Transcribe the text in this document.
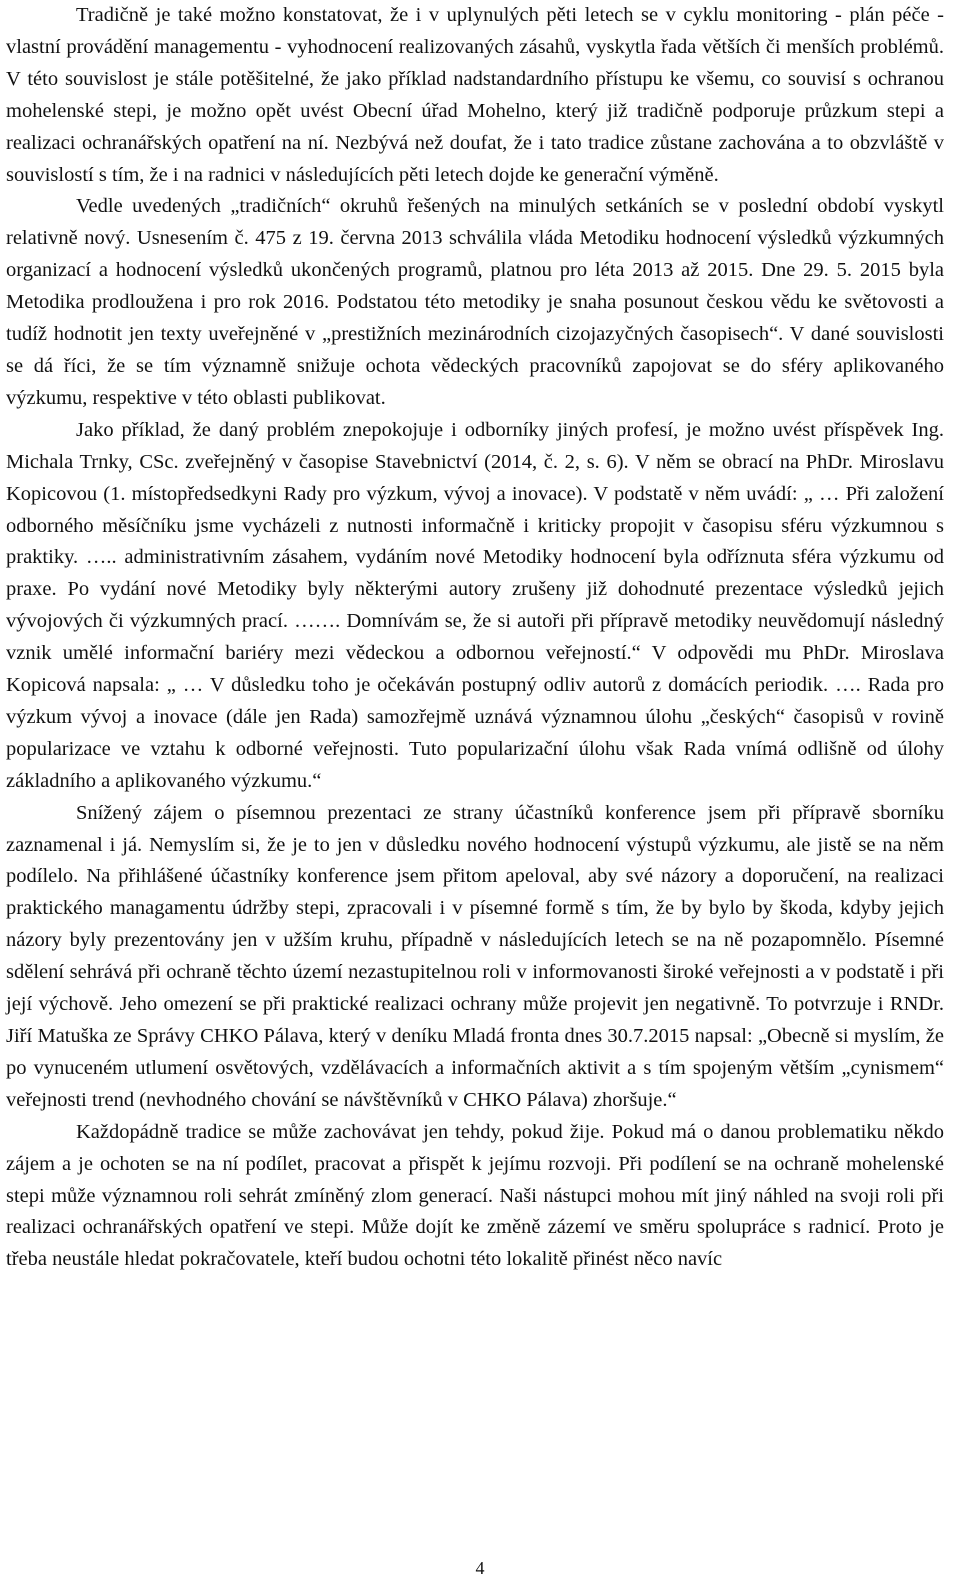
Tradičně je také možno konstatovat, že i v uplynulých pěti letech se v cyklu monitoring - plán péče - vlastní provádění managementu - vyhodnocení realizovaných zásahů, vyskytla řada větších či menších problémů. V této souvislost je stále potěšitelné, že jako příklad nadstandardního přístupu ke všemu, co souvisí s ochranou mohelenské stepi, je možno opět uvést Obecní úřad Mohelno, který již tradičně podporuje průzkum stepi a realizaci ochranářských opatření na ní. Nezbývá než doufat, že i tato tradice zůstane zachována a to obzvláště v souvislostí s tím, že i na radnici v následujících pěti letech dojde ke generační výměně.

Vedle uvedených „tradičních“ okruhů řešených na minulých setkáních se v poslední období vyskytl relativně nový. Usnesením č. 475 z 19. června 2013 schválila vláda Metodiku hodnocení výsledků výzkumných organizací a hodnocení výsledků ukončených programů, platnou pro léta 2013 až 2015. Dne 29. 5. 2015 byla Metodika prodloužena i pro rok 2016. Podstatou této metodiky je snaha posunout českou vědu ke světovosti a tudíž hodnotit jen texty uveřejněné v „prestižních mezinárodních cizojazyčných časopisech“. V dané souvislosti se dá říci, že se tím významně snižuje ochota vědeckých pracovníků zapojovat se do sféry aplikovaného výzkumu, respektive v této oblasti publikovat.

Jako příklad, že daný problém znepokojuje i odborníky jiných profesí, je možno uvést příspěvek Ing. Michala Trnky, CSc. zveřejněný v časopise Stavebnictví (2014, č. 2, s. 6). V něm se obrací na PhDr. Miroslavu Kopicovou (1. místopředsedkyni Rady pro výzkum, vývoj a inovace). V podstatě v něm uvádí: „ … Při založení odborného měsíčníku jsme vycházeli z nutnosti informačně i kriticky propojit v časopisu sféru výzkumnou s praktiky. ….. administrativním zásahem, vydáním nové Metodiky hodnocení byla odříznuta sféra výzkumu od praxe. Po vydání nové Metodiky byly některými autory zrušeny již dohodnuté prezentace výsledků jejich vývojových či výzkumných prací. ……. Domnívám se, že si autoři při přípravě metodiky neuvědomují následný vznik umělé informační bariéry mezi vědeckou a odbornou veřejností.“ V odpovědi mu PhDr. Miroslava Kopicová napsala: „ … V důsledku toho je očekáván postupný odliv autorů z domácích periodik. …. Rada pro výzkum vývoj a inovace (dále jen Rada) samozřejmě uznává významnou úlohu „českých“ časopisů v rovině popularizace ve vztahu k odborné veřejnosti. Tuto popularizační úlohu však Rada vnímá odlišně od úlohy základního a aplikovaného výzkumu.“

Snížený zájem o písemnou prezentaci ze strany účastníků konference jsem při přípravě sborníku zaznamenal i já. Nemyslím si, že je to jen v důsledku nového hodnocení výstupů výzkumu, ale jistě se na něm podílelo. Na přihlášené účastníky konference jsem přitom apeloval, aby své názory a doporučení, na realizaci praktického managamentu údržby stepi, zpracovali i v písemné formě s tím, že by bylo by škoda, kdyby jejich názory byly prezentovány jen v užším kruhu, případně v následujících letech se na ně pozapomnělo. Písemné sdělení sehrává při ochraně těchto území nezastupitelnou roli v informovanosti široké veřejnosti a v podstatě i při její výchově. Jeho omezení se při praktické realizaci ochrany může projevit jen negativně. To potvrzuje i RNDr. Jiří Matuška ze Správy CHKO Pálava, který v deníku Mladá fronta dnes 30.7.2015 napsal: „Obecně si myslím, že po vynuceném utlumení osvětových, vzdělávacích a informačních aktivit a s tím spojeným větším „cynismem“ veřejnosti trend (nevhodného chování se návštěvníků v CHKO Pálava) zhoršuje.“

Každopádně tradice se může zachovávat jen tehdy, pokud žije. Pokud má o danou problematiku někdo zájem a je ochoten se na ní podílet, pracovat a přispět k jejímu rozvoji. Při podílení se na ochraně mohelenské stepi může významnou roli sehrát zmíněný zlom generací. Naši nástupci mohou mít jiný náhled na svoji roli při realizaci ochranářských opatření ve stepi. Může dojít ke změně zázemí ve směru spolupráce s radnicí. Proto je třeba neustále hledat pokračovatele, kteří budou ochotni této lokalitě přinést něco navíc

4
